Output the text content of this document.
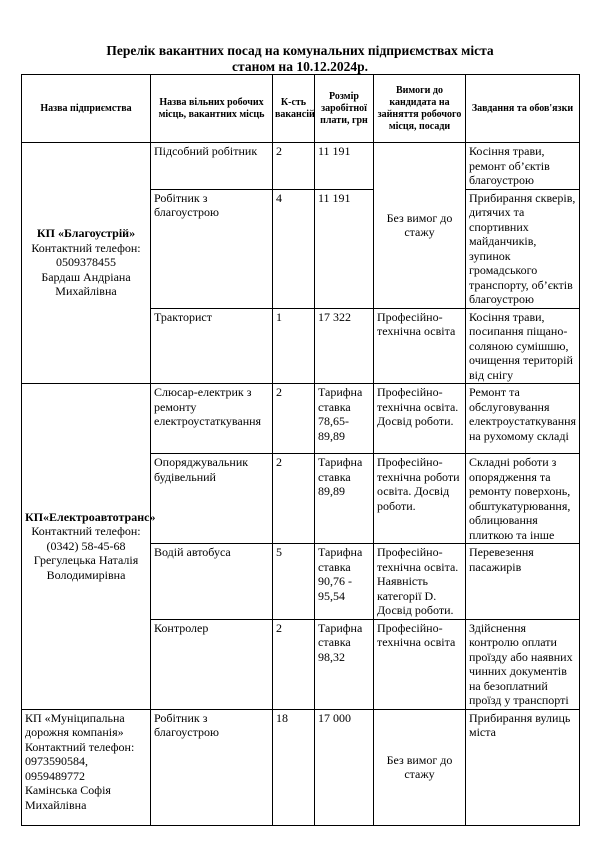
Перелік вакантних посад на комунальних підприємствах міста
станом на 10.12.2024р.
Назва підприємства	Назва вільних робочих місць, вакантних місць	К-сть вакансій	Розмір заробітної плати, грн	Вимоги до кандидата на зайняття робочого місця, посади	Завдання та обов'язки

КП «Благоустрій»
Контактний телефон:
0509378455
Бардаш Андріана Михайлівна	Підсобний робітник	2	11 191	Без вимог до стажу	Косіння трави, ремонт об’єктів благоустрою
	Робітник з благоустрою	4	11 191		Прибирання скверів, дитячих та спортивних майданчиків, зупинок громадського транспорту, об’єктів благоустрою
	Тракторист	1	17 322	Професійно-технічна освіта	Косіння трави, посипання піщано-соляною сумішшю, очищення територій від снігу

КП«Електроавтотранс»
Контактний телефон:
(0342) 58-45-68
Грегулецька Наталія Володимирівна	Слюсар-електрик з ремонту електроустаткування	2	Тарифна ставка 78,65-89,89	Професійно-технічна освіта. Досвід роботи.	Ремонт та обслуговування електроустаткування на рухомому складі
	Опоряджувальник будівельний	2	Тарифна ставка 89,89	Професійно-технічна роботи освіта. Досвід роботи.	Складні роботи з опорядження та ремонту поверхонь, обштукатурювання, облицювання плиткою та інше
	Водій автобуса	5	Тарифна ставка 90,76 - 95,54	Професійно-технічна освіта. Наявність категорії D. Досвід роботи.	Перевезення пасажирів
	Контролер	2	Тарифна ставка 98,32	Професійно-технічна освіта	Здійснення контролю оплати проїзду або наявних чинних документів на безоплатний проїзд у транспорті

КП «Муніципальна дорожня компанія»
Контактний телефон:
0973590584, 0959489772
Камінська Софія Михайлівна	Робітник з благоустрою	18	17 000	Без вимог до стажу	Прибирання вулиць міста
